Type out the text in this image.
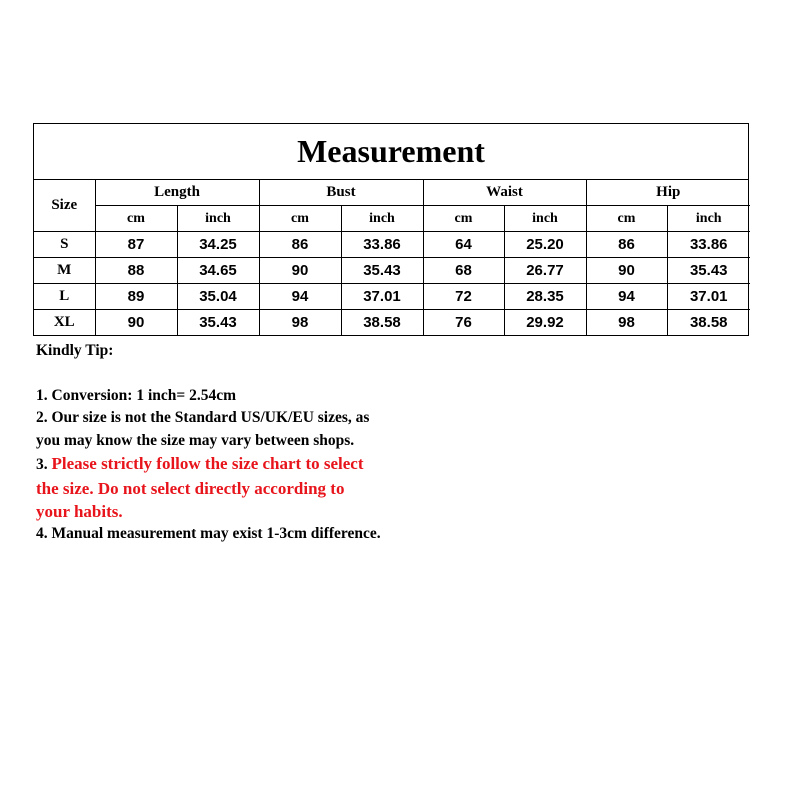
Measurement
Size	Length		Bust		Waist		Hip	
	cm	inch	cm	inch	cm	inch	cm	inch
S	87	34.25	86	33.86	64	25.20	86	33.86
M	88	34.65	90	35.43	68	26.77	90	35.43
L	89	35.04	94	37.01	72	28.35	94	37.01
XL	90	35.43	98	38.58	76	29.92	98	38.58
Kindly Tip:
1. Conversion: 1 inch= 2.54cm
2. Our size is not the Standard US/UK/EU sizes, as
you may know the size may vary between shops.
3. Please strictly follow the size chart to select
the size. Do not select directly according to
your habits.
4. Manual measurement may exist 1-3cm difference.
